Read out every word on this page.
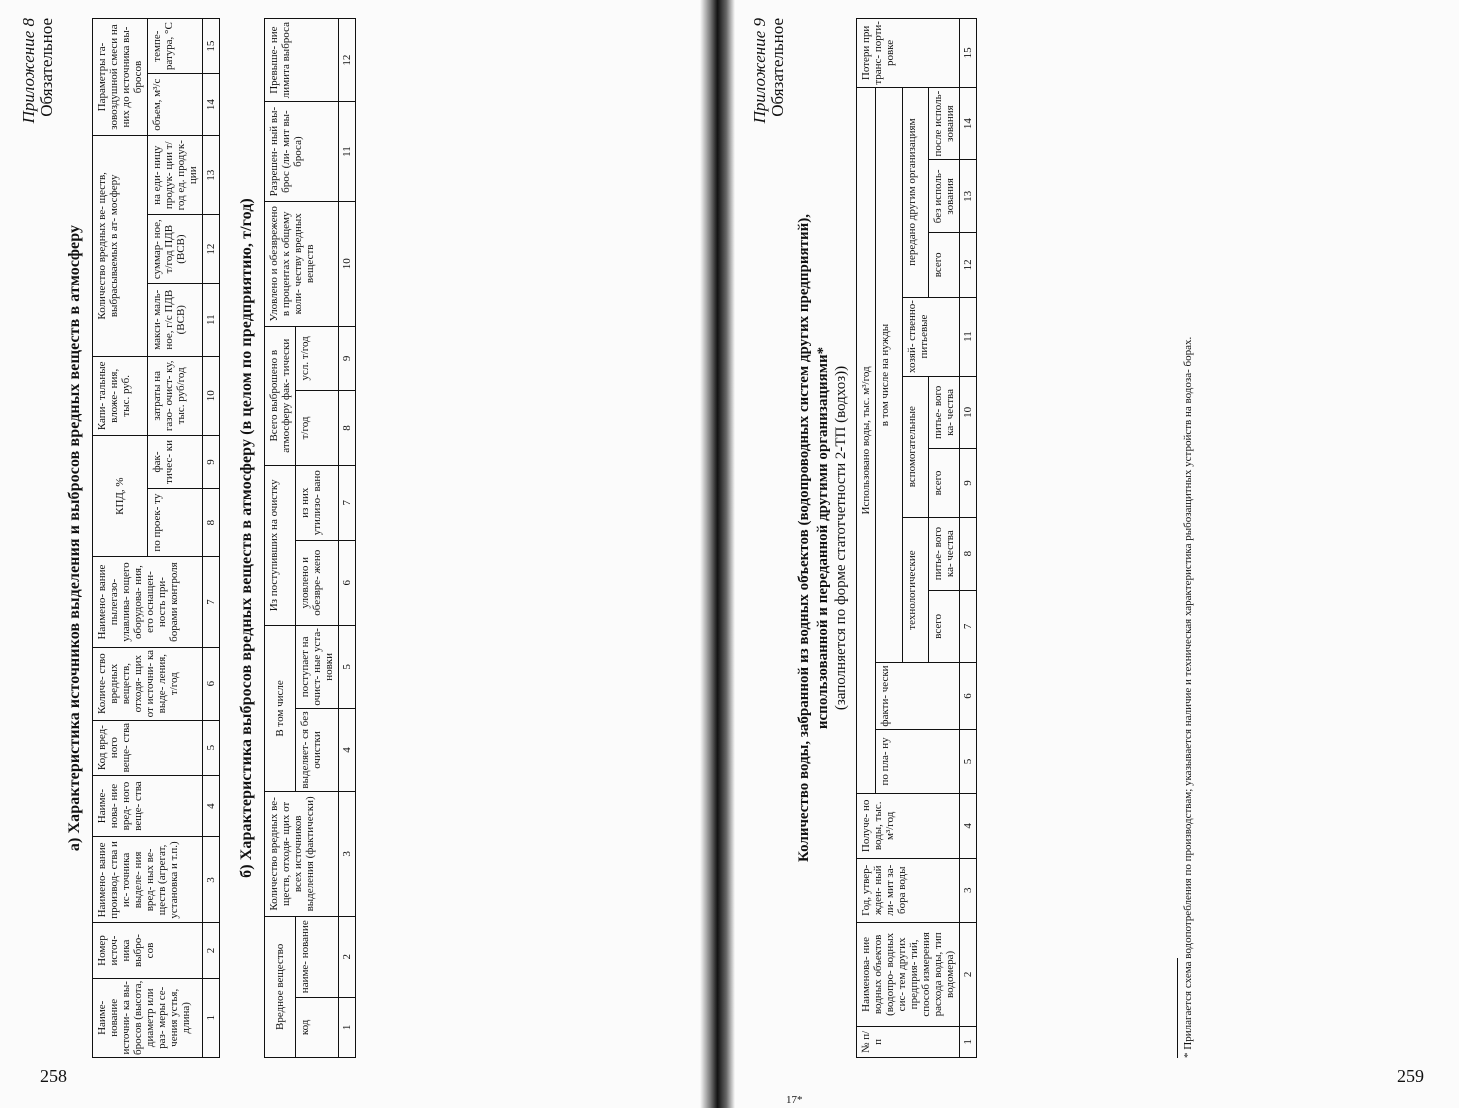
Приложение 8 Обязательное
а) Характеристика источников выделения и выбросов вредных веществ в атмосферу
Наиме- нование источни- ка вы- бросов (высота, диаметр или раз- меры се- чения устья, длина)	Номер источ- ника выбро- сов	Наимено- вание производ- ства и ис- точника выделе- ния вред- ных ве- ществ (агрегат, установка и т.п.)	Наиме- нова- ние вред- ного веще- ства	Код вред- ного веще- ства	Количе- ство вредных веществ, отходя- щих от источни- ка выде- ления, т/год	Наимено- вание пылегазо- улавлива- ющего оборудова- ния, его оснащен- ность при- борами контроля	КПД, %		Капи- тальные вложе- ния, тыс. руб.	Количество вредных ве- ществ, выбрасываемых в ат- мосферу			Параметры га- зовоздушной смеси на них до источника вы- бросов	
							по проек- ту	фак- тичес- ки	затраты на газо- очист- ку, тыс. руб/год	макси- маль- ное, г/с ПДВ (ВСВ)	суммар- ное, т/год ПДВ (ВСВ)	на еди- ницу продук- ции т/год ед. продук- ции	объем, м³/с	темпе- ратура, °С
1	2	3	4	5	6	7	8	9	10	11	12	13	14	15
б) Характеристика выбросов вредных веществ в атмосферу (в целом по предприятию, т/год)
Вредное вещество		Количество вредных ве- ществ, отходя- щих от всех источников выделения (фактически)	В том числе		Из поступивших на очистку		Всего выброшено в атмосферу фак- тически		Уловлено и обезврежено в процентах к общему коли- честву вредных веществ	Разрешен- ный вы- брос (ли- мит вы- броса)	Превыше- ние лимита выброса
код	наиме- нование		выделяет- ся без очистки	поступает на очист- ные уста- новки	уловлено и обезвре- жено	из них утилизо- вано	т/год	усл. т/год			
1	2	3	4	5	6	7	8	9	10	11	12
258
17*
Приложение 9 Обязательное
Количество воды, забранной из водных объектов (водопроводных систем других предприятий), использованной и переданной другими организациями* (заполняется по форме статотчетности 2-ТП (водхоз))
№ п/п	Наименова- ние водных объектов (водопро- водных сис- тем других предприя- тий, способ измерения расхода воды, тип водомера)	Год, утвер- жден- ный ли- мит за- бора воды	Получе- но воды, тыс. м³/год	Использовано воды, тыс. м³/год										Потери при транс- порти- ровке
				по пла- ну	факти- чески	в том числе на нужды								
						технологические		вспомогательные		хозяй- ственно- питьевые	передано другим организациям			
						всего	питье- вого ка- чества	всего	питье- вого ка- чества		всего	без исполь- зования	после исполь- зования	
1	2	3	4	5	6	7	8	9	10	11	12	13	14	15
* Прилагается схема водопотребления по производствам; указывается наличие и техническая характеристика рыбозащитных устройств на водоза- борах.
259
